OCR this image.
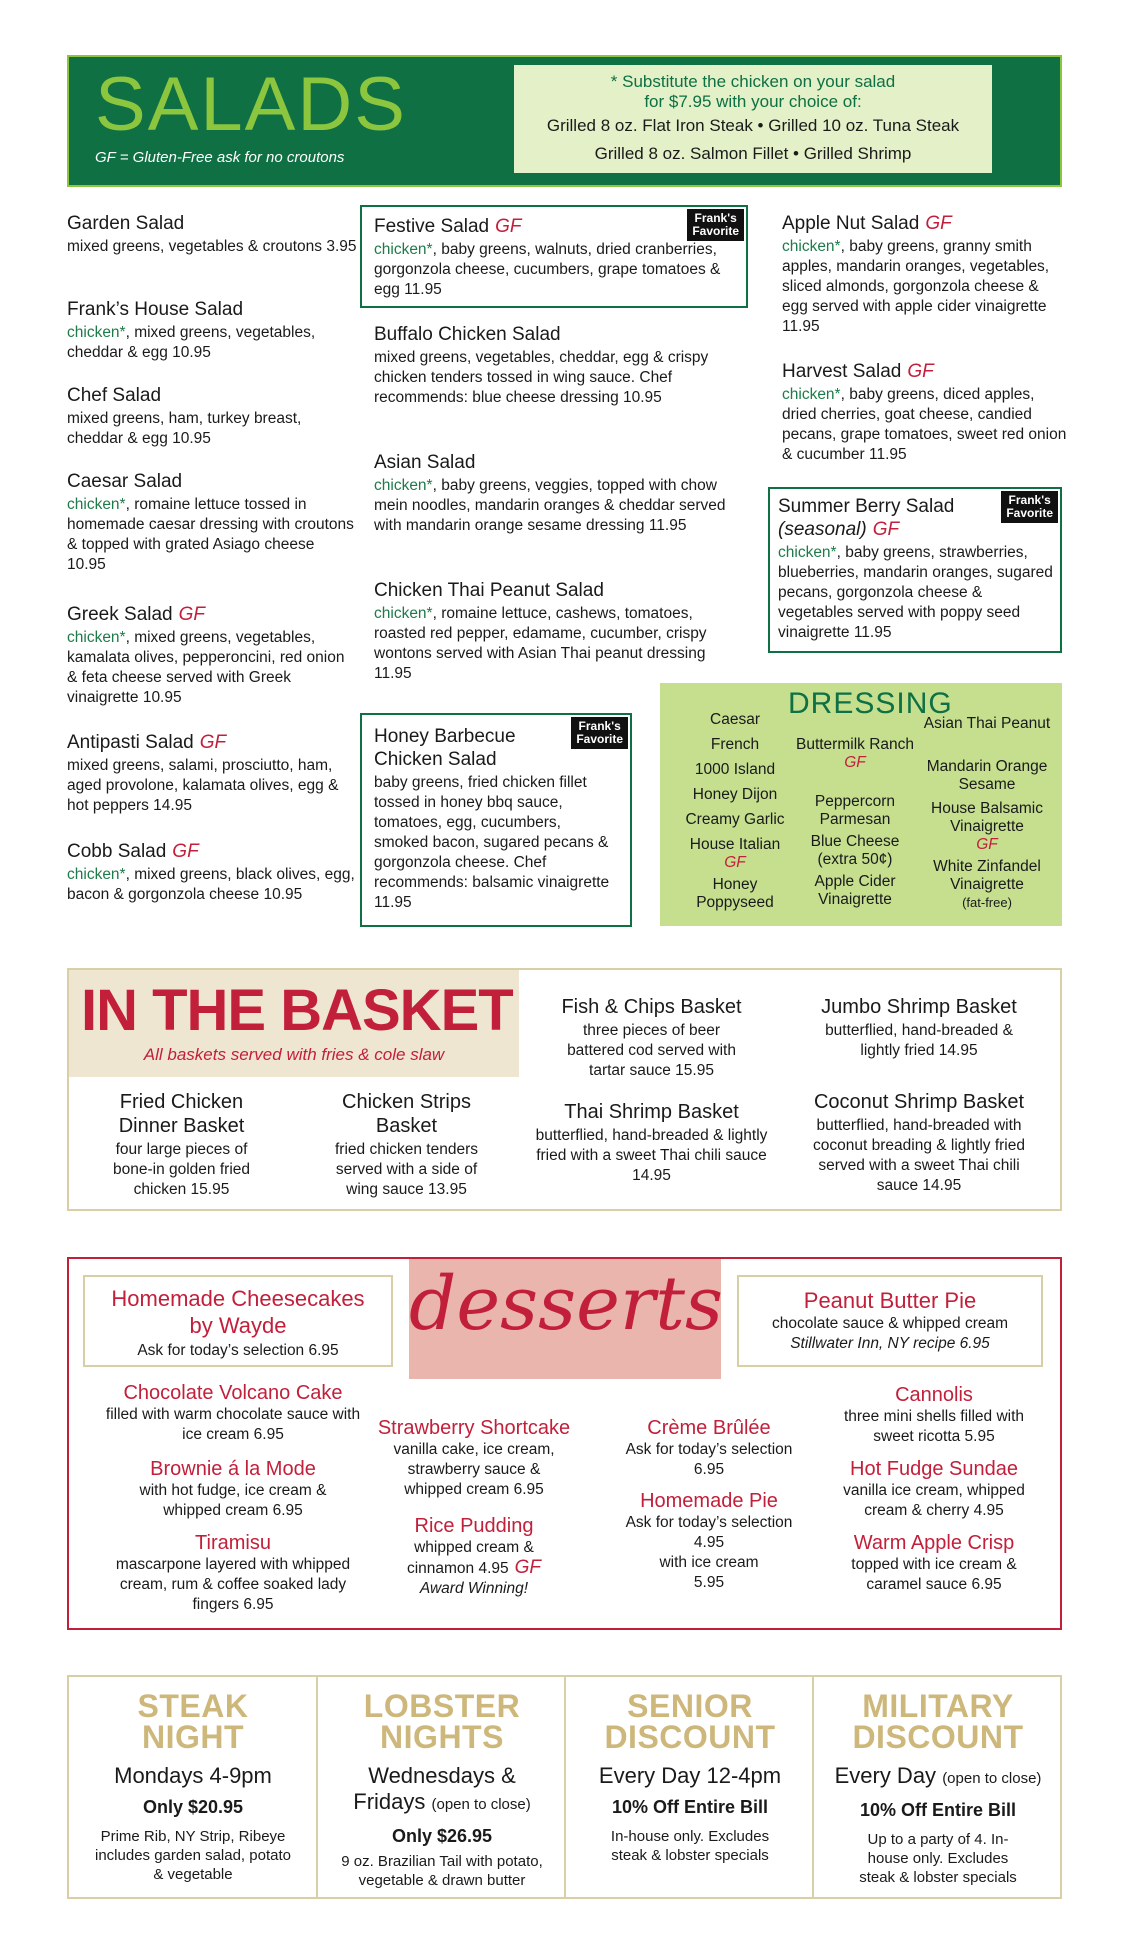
SALADS
GF = Gluten-Free ask for no croutons
* Substitute the chicken on your salad
for $7.95 with your choice of:
Grilled 8 oz. Flat Iron Steak • Grilled 10 oz. Tuna Steak
Grilled 8 oz. Salmon Fillet • Grilled Shrimp
Garden Salad
mixed greens, vegetables & croutons 3.95
Frank’s House Salad
chicken*, mixed greens, vegetables, cheddar & egg 10.95
Chef Salad
mixed greens, ham, turkey breast, cheddar & egg 10.95
Caesar Salad
chicken*, romaine lettuce tossed in homemade caesar dressing with croutons & topped with grated Asiago cheese 10.95
Greek Salad GF
chicken*, mixed greens, vegetables, kamalata olives, pepperoncini, red onion & feta cheese served with Greek vinaigrette 10.95
Antipasti Salad GF
mixed greens, salami, prosciutto, ham, aged provolone, kalamata olives, egg & hot peppers 14.95
Cobb Salad GF
chicken*, mixed greens, black olives, egg, bacon & gorgonzola cheese 10.95
Frank's
Favorite
Festive Salad GF
chicken*, baby greens, walnuts, dried cranberries, gorgonzola cheese, cucumbers, grape tomatoes & egg 11.95
Buffalo Chicken Salad
mixed greens, vegetables, cheddar, egg & crispy chicken tenders tossed in wing sauce. Chef recommends: blue cheese dressing 10.95
Asian Salad
chicken*, baby greens, veggies, topped with chow mein noodles, mandarin oranges & cheddar served with mandarin orange sesame dressing 11.95
Chicken Thai Peanut Salad
chicken*, romaine lettuce, cashews, tomatoes, roasted red pepper, edamame, cucumber, crispy wontons served with Asian Thai peanut dressing 11.95
Frank's
Favorite
Honey Barbecue Chicken Salad
baby greens, fried chicken fillet tossed in honey bbq sauce, tomatoes, egg, cucumbers, smoked bacon, sugared pecans & gorgonzola cheese. Chef recommends: balsamic vinaigrette 11.95
Apple Nut Salad GF
chicken*, baby greens, granny smith apples, mandarin oranges, vegetables, sliced almonds, gorgonzola cheese & egg served with apple cider vinaigrette 11.95
Harvest Salad GF
chicken*, baby greens, diced apples, dried cherries, goat cheese, candied pecans, grape tomatoes, sweet red onion & cucumber 11.95
Frank's
Favorite
Summer Berry Salad
(seasonal) GF
chicken*, baby greens, strawberries, blueberries, mandarin oranges, sugared pecans, gorgonzola cheese & vegetables served with poppy seed vinaigrette 11.95
DRESSING
Caesar
French
1000 Island
Honey Dijon
Creamy Garlic
House Italian
GF
Honey Poppyseed
Buttermilk Ranch
GF
Peppercorn Parmesan
Blue Cheese
(extra 50¢)
Apple Cider Vinaigrette
Asian Thai Peanut
Mandarin Orange Sesame
House Balsamic Vinaigrette
GF
White Zinfandel Vinaigrette
(fat-free)
IN THE BASKET
All baskets served with fries & cole slaw
Fried Chicken Dinner Basket
four large pieces of bone-in golden fried chicken 15.95
Chicken Strips Basket
fried chicken tenders served with a side of wing sauce 13.95
Fish & Chips Basket
three pieces of beer battered cod served with tartar sauce 15.95
Thai Shrimp Basket
butterflied, hand-breaded & lightly fried with a sweet Thai chili sauce 14.95
Jumbo Shrimp Basket
butterflied, hand-breaded & lightly fried 14.95
Coconut Shrimp Basket
butterflied, hand-breaded with coconut breading & lightly fried served with a sweet Thai chili sauce 14.95
desserts
Homemade Cheesecakes by Wayde
Ask for today’s selection 6.95
Peanut Butter Pie
chocolate sauce & whipped cream
Stillwater Inn, NY recipe 6.95
Chocolate Volcano Cake
filled with warm chocolate sauce with ice cream 6.95
Brownie á la Mode
with hot fudge, ice cream & whipped cream 6.95
Tiramisu
mascarpone layered with whipped cream, rum & coffee soaked lady fingers 6.95
Strawberry Shortcake
vanilla cake, ice cream, strawberry sauce & whipped cream 6.95
Rice Pudding
whipped cream & cinnamon 4.95 GF
Award Winning!
Crème Brûlée
Ask for today’s selection 6.95
Homemade Pie
Ask for today’s selection 4.95
with ice cream 5.95
Cannolis
three mini shells filled with sweet ricotta 5.95
Hot Fudge Sundae
vanilla ice cream, whipped cream & cherry 4.95
Warm Apple Crisp
topped with ice cream & caramel sauce 6.95
STEAK
NIGHT
Mondays 4-9pm
Only $20.95
Prime Rib, NY Strip, Ribeye includes garden salad, potato & vegetable
LOBSTER
NIGHTS
Wednesdays &
Fridays (open to close)
Only $26.95
9 oz. Brazilian Tail with potato, vegetable & drawn butter
SENIOR
DISCOUNT
Every Day 12-4pm
10% Off Entire Bill
In-house only. Excludes steak & lobster specials
MILITARY
DISCOUNT
Every Day (open to close)
10% Off Entire Bill
Up to a party of 4. In-house only. Excludes steak & lobster specials
